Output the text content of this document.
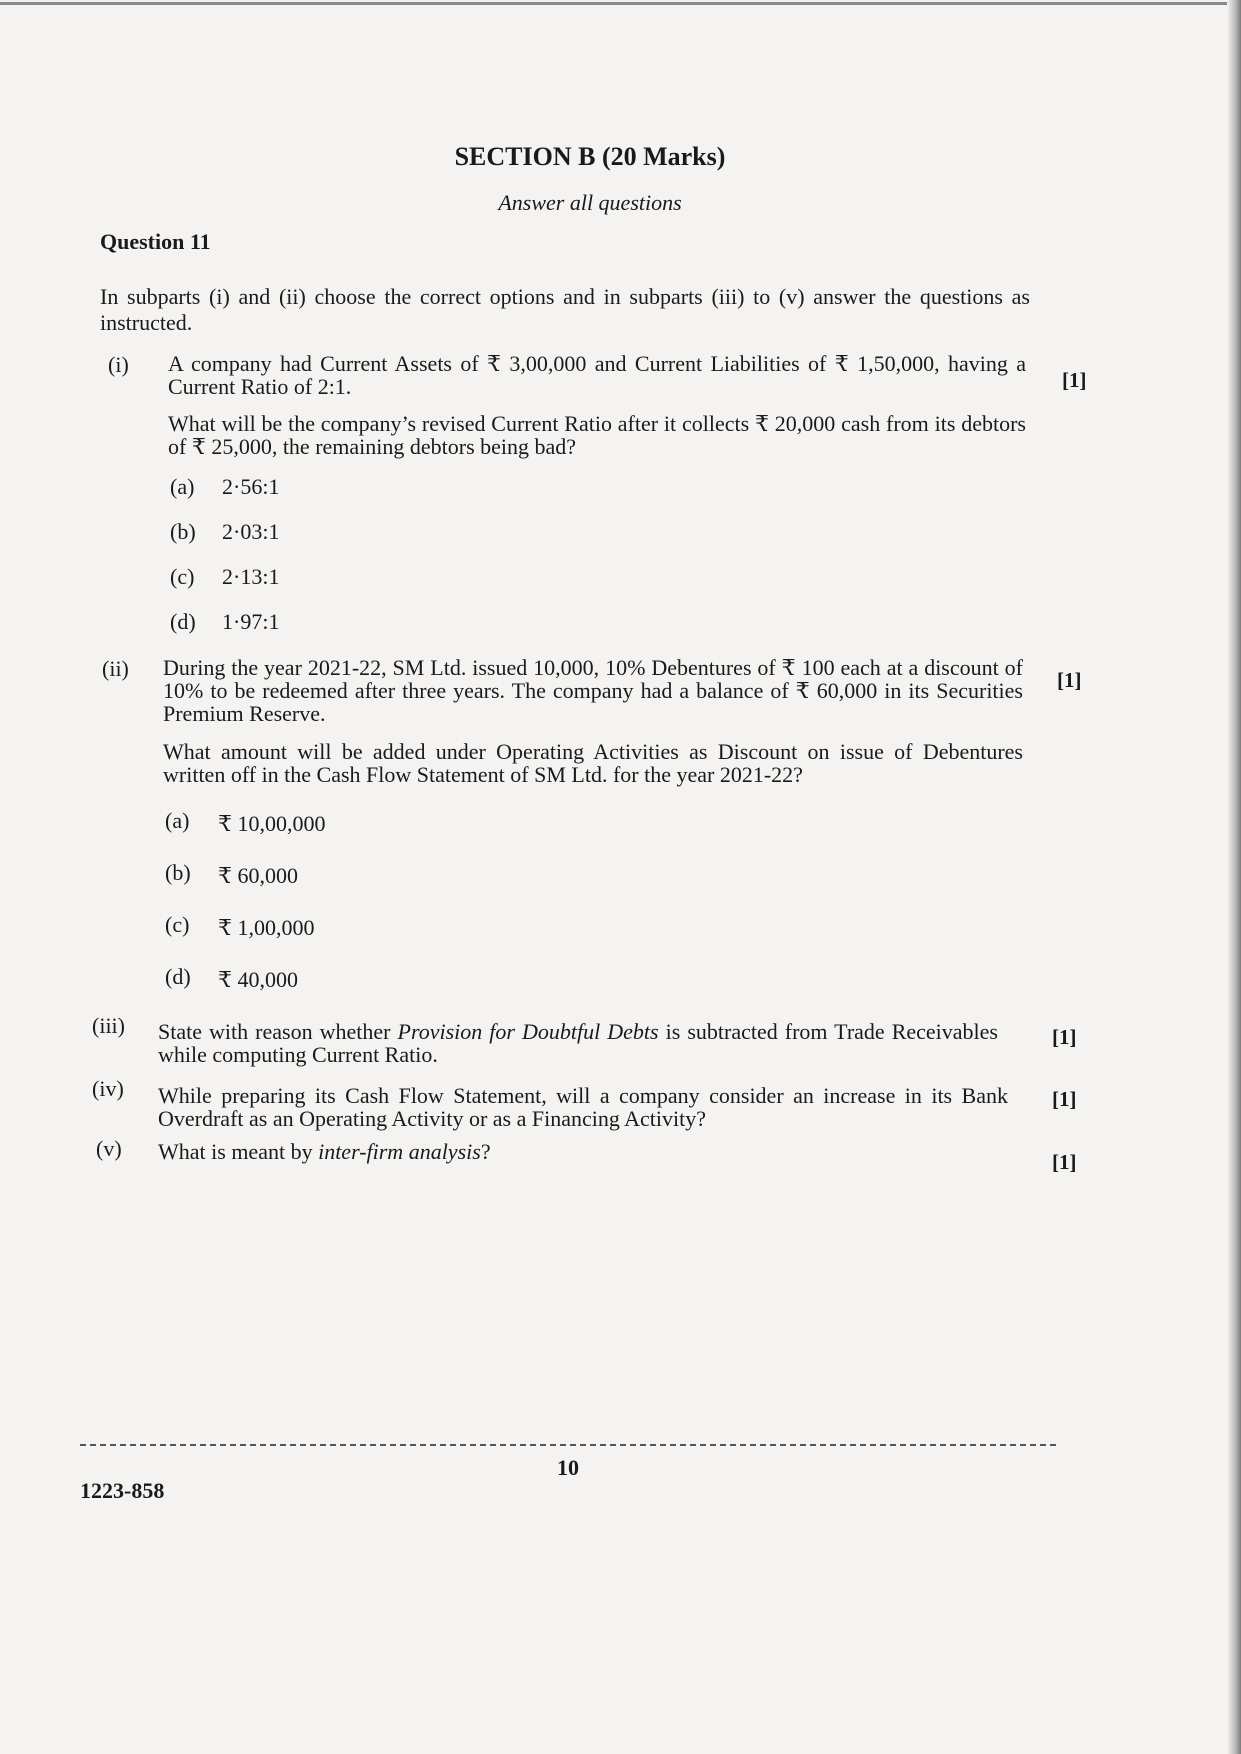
SECTION B (20 Marks)
Answer all questions
Question 11
In subparts (i) and (ii) choose the correct options and in subparts (iii) to (v) answer the questions as instructed.
(i) A company had Current Assets of ₹ 3,00,000 and Current Liabilities of ₹ 1,50,000, having a Current Ratio of 2:1.
What will be the company’s revised Current Ratio after it collects ₹ 20,000 cash from its debtors of ₹ 25,000, the remaining debtors being bad?
[1]
(a) 2·56:1
(b) 2·03:1
(c) 2·13:1
(d) 1·97:1
(ii) During the year 2021-22, SM Ltd. issued 10,000, 10% Debentures of ₹ 100 each at a discount of 10% to be redeemed after three years. The company had a balance of ₹ 60,000 in its Securities Premium Reserve.
What amount will be added under Operating Activities as Discount on issue of Debentures written off in the Cash Flow Statement of SM Ltd. for the year 2021-22?
[1]
(a) ₹ 10,00,000
(b) ₹ 60,000
(c) ₹ 1,00,000
(d) ₹ 40,000
(iii) State with reason whether Provision for Doubtful Debts is subtracted from Trade Receivables while computing Current Ratio.
[1]
(iv) While preparing its Cash Flow Statement, will a company consider an increase in its Bank Overdraft as an Operating Activity or as a Financing Activity?
[1]
(v) What is meant by inter-firm analysis?	[1]
10
1223-858
